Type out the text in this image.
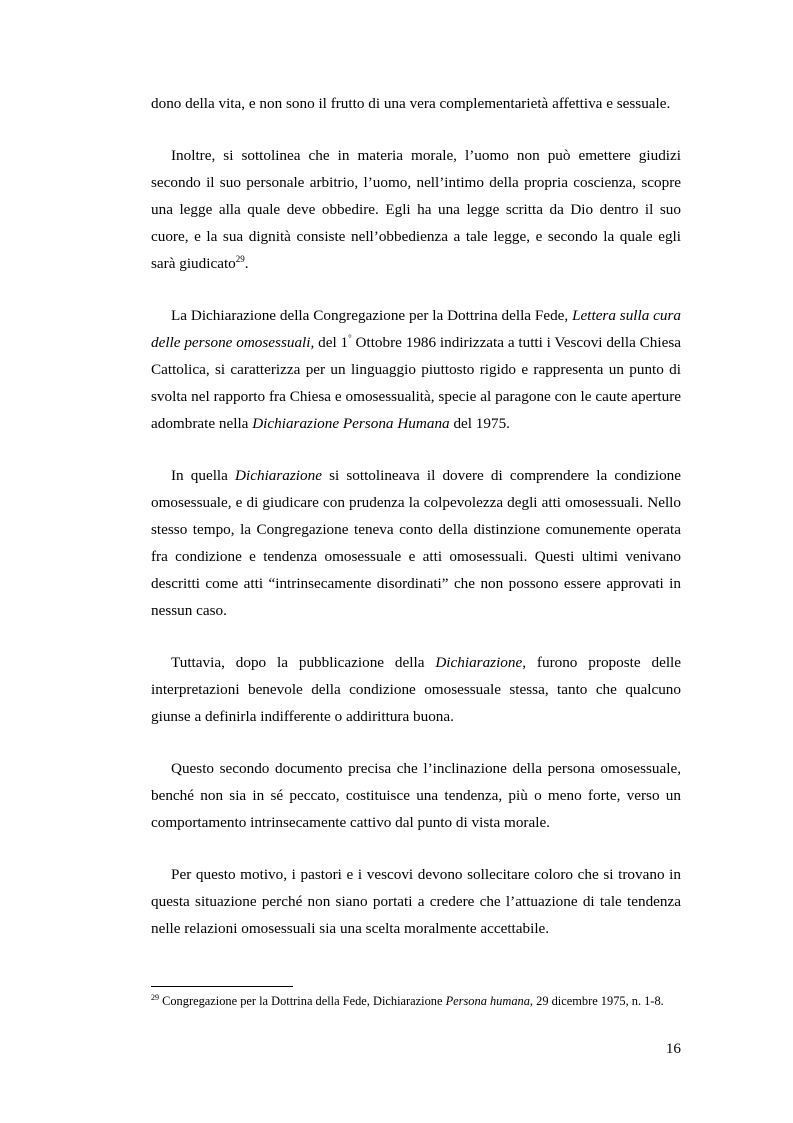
dono della vita, e non sono il frutto di una vera complementarietà affettiva e sessuale.

Inoltre, si sottolinea che in materia morale, l’uomo non può emettere giudizi secondo il suo personale arbitrio, l’uomo, nell’intimo della propria coscienza, scopre una legge alla quale deve obbedire. Egli ha una legge scritta da Dio dentro il suo cuore, e la sua dignità consiste nell’obbedienza a tale legge, e secondo la quale egli sarà giudicato$^{29}$.

La Dichiarazione della Congregazione per la Dottrina della Fede, Lettera sulla cura delle persone omosessuali, del 1° Ottobre 1986 indirizzata a tutti i Vescovi della Chiesa Cattolica, si caratterizza per un linguaggio piuttosto rigido e rappresenta un punto di svolta nel rapporto fra Chiesa e omosessualità, specie al paragone con le caute aperture adombrate nella Dichiarazione Persona Humana del 1975.

In quella Dichiarazione si sottolineava il dovere di comprendere la condizione omosessuale, e di giudicare con prudenza la colpevolezza degli atti omosessuali. Nello stesso tempo, la Congregazione teneva conto della distinzione comunemente operata fra condizione e tendenza omosessuale e atti omosessuali. Questi ultimi venivano descritti come atti “intrinsecamente disordinati” che non possono essere approvati in nessun caso.

Tuttavia, dopo la pubblicazione della Dichiarazione, furono proposte delle interpretazioni benevole della condizione omosessuale stessa, tanto che qualcuno giunse a definirla indifferente o addirittura buona.

Questo secondo documento precisa che l’inclinazione della persona omosessuale, benché non sia in sé peccato, costituisce una tendenza, più o meno forte, verso un comportamento intrinsecamente cattivo dal punto di vista morale.

Per questo motivo, i pastori e i vescovi devono sollecitare coloro che si trovano in questa situazione perché non siano portati a credere che l’attuazione di tale tendenza nelle relazioni omosessuali sia una scelta moralmente accettabile.

$^{29}$ Congregazione per la Dottrina della Fede, Dichiarazione Persona humana, 29 dicembre 1975, n. 1-8.
16
